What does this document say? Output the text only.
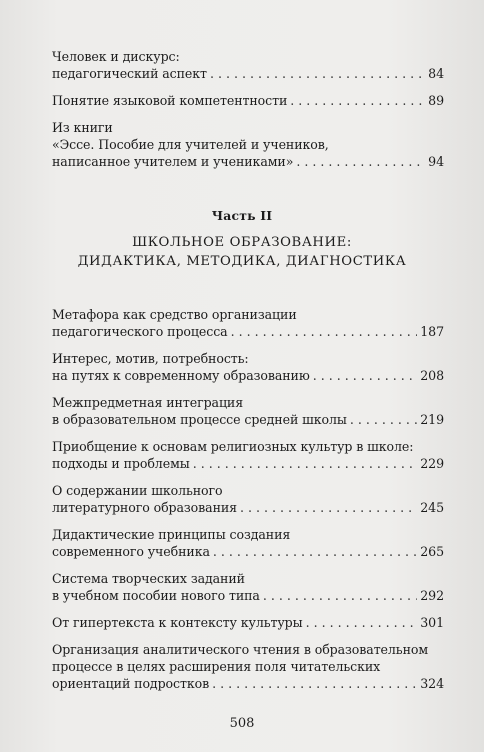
Человек и дискурс:
педагогический аспект . . .	84
Понятие языковой компетентности . . .	89
Из книги
«Эссе. Пособие для учителей и учеников,
написанное учителем и учениками» . . .	94
Часть II
ШКОЛЬНОЕ ОБРАЗОВАНИЕ:
ДИДАКТИКА, МЕТОДИКА, ДИАГНОСТИКА
Метафора как средство организации
педагогического процесса . . .	187
Интерес, мотив, потребность:
на путях к современному образованию . . .	208
Межпредметная интеграция
в образовательном процессе средней школы . . .	219
Приобщение к основам религиозных культур в школе:
подходы и проблемы . . .	229
О содержании школьного
литературного образования . . .	245
Дидактические принципы создания
современного учебника . . .	265
Система творческих заданий
в учебном пособии нового типа . . .	292
От гипертекста к контексту культуры . . .	301
Организация аналитического чтения в образовательном
процессе в целях расширения поля читательских
ориентаций подростков . . .	324
508
